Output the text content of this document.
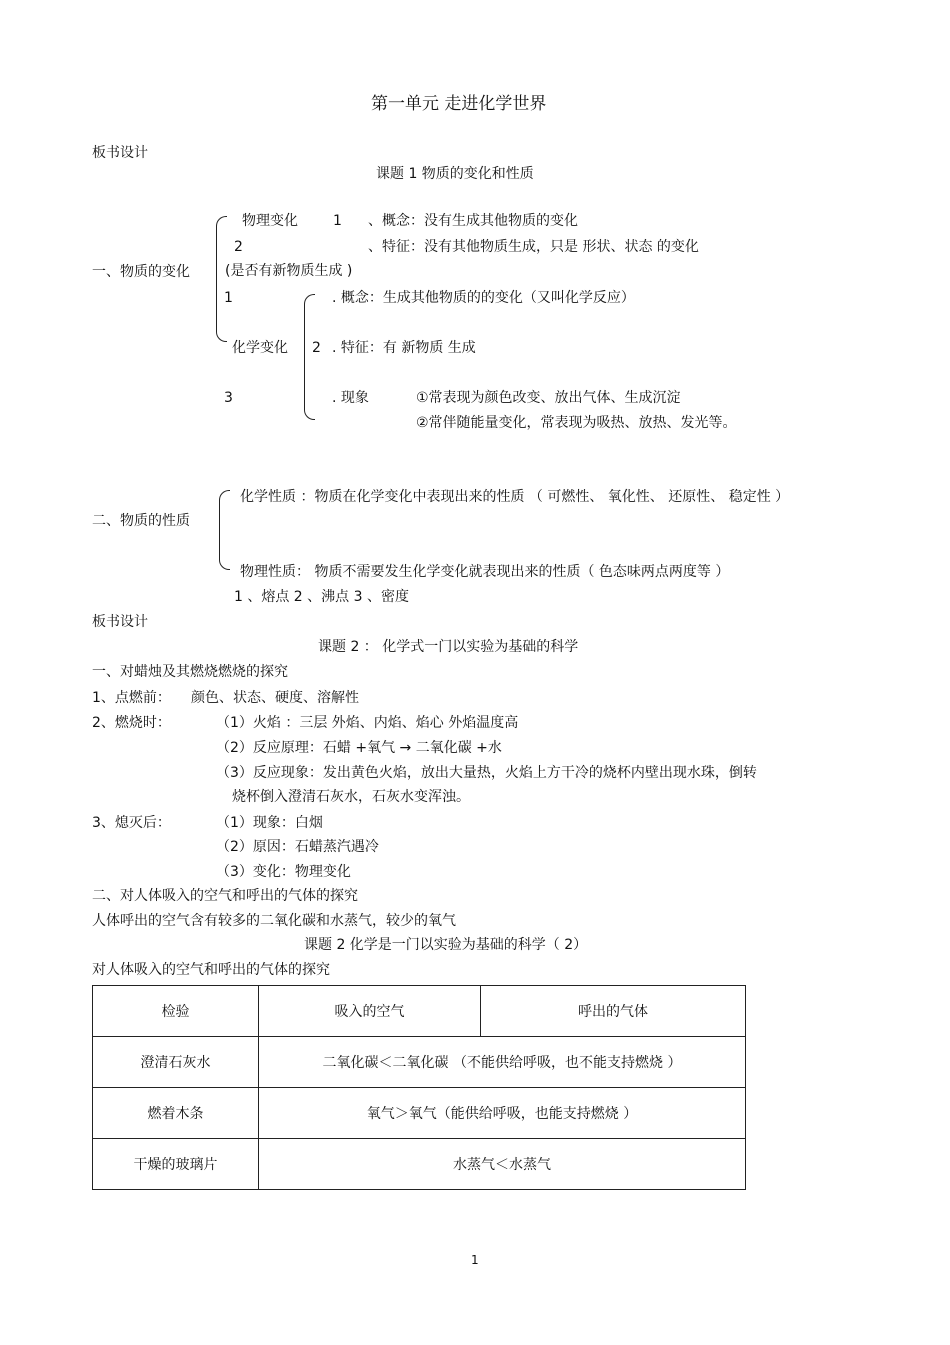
第一单元 走进化学世界
板书设计
课题 1 物质的变化和性质
一、物质的变化
物理变化	1 、概念：没有生成其他物质的变化
2	、特征：没有其他物质生成，只是 形状、状态 的变化
(是否有新物质生成 )
1	. 概念：生成其他物质的的变化（又叫化学反应）
化学变化 2 . 特征：有 新物质 生成
3	. 现象	①常表现为颜色改变、放出气体、生成沉淀
②常伴随能量变化，常表现为吸热、放热、发光等。
二、物质的性质
化学性质 ：物质在化学变化中表现出来的性质 （ 可燃性、 氧化性、 还原性、 稳定性 ）
物理性质： 物质不需要发生化学变化就表现出来的性质（ 色态味两点两度等 ）
1 、熔点 2 、沸点 3 、密度
板书设计
课题 2 ： 化学式一门以实验为基础的科学
一、对蜡烛及其燃烧燃烧的探究
1、点燃前： 颜色、状态、硬度、溶解性
2、燃烧时：	（1）火焰 ：三层 外焰、内焰、焰心 外焰温度高
（2）反应原理：石蜡 +氧气 → 二氧化碳 +水
（3）反应现象：发出黄色火焰，放出大量热，火焰上方干冷的烧杯内壁出现水珠，倒转
烧杯倒入澄清石灰水，石灰水变浑浊。
3、熄灭后：	（1）现象：白烟
（2）原因：石蜡蒸汽遇冷
（3）变化：物理变化
二、对人体吸入的空气和呼出的气体的探究
人体呼出的空气含有较多的二氧化碳和水蒸气，较少的氧气
课题 2 化学是一门以实验为基础的科学（ 2）
对人体吸入的空气和呼出的气体的探究
检验	吸入的空气	呼出的气体
澄清石灰水	二氧化碳＜二氧化碳 （不能供给呼吸，也不能支持燃烧 ）	
燃着木条	氧气＞氧气（能供给呼吸，也能支持燃烧 ）	
干燥的玻璃片	水蒸气＜水蒸气	
1
